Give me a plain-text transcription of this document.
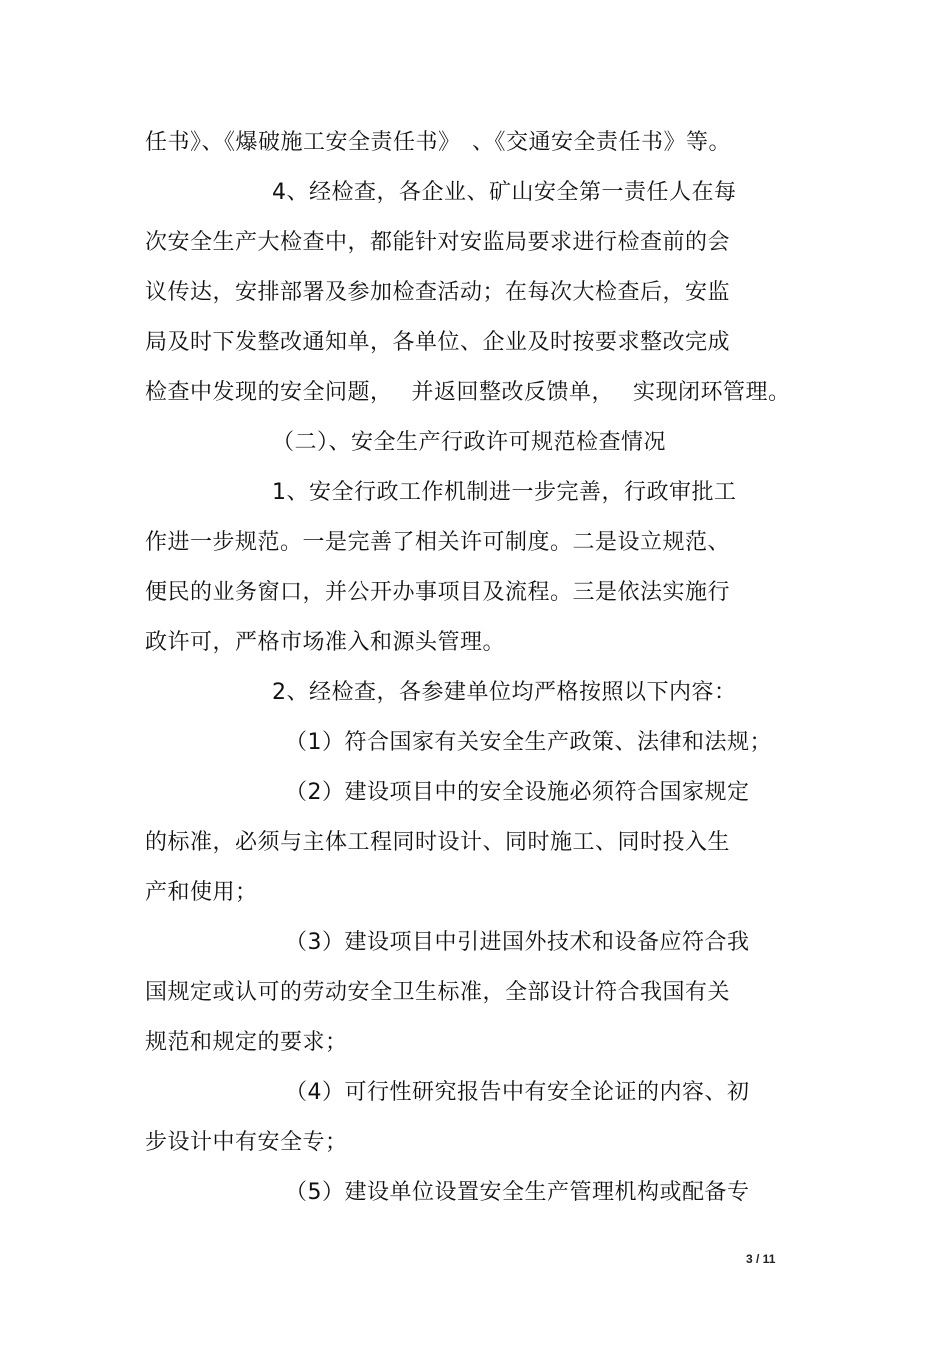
任书》、《爆破施工安全责任书》　、《交通安全责任书》等。
4、经检查，各企业、矿山安全第一责任人在每
次安全生产大检查中，都能针对安监局要求进行检查前的会
议传达，安排部署及参加检查活动；在每次大检查后，安监
局及时下发整改通知单，各单位、企业及时按要求整改完成
检查中发现的安全问题，　 并返回整改反馈单，　 实现闭环管理。
（二）、安全生产行政许可规范检查情况
1、安全行政工作机制进一步完善，行政审批工
作进一步规范。一是完善了相关许可制度。二是设立规范、
便民的业务窗口，并公开办事项目及流程。三是依法实施行
政许可，严格市场准入和源头管理。
2、经检查，各参建单位均严格按照以下内容：
（1）符合国家有关安全生产政策、法律和法规；
（2）建设项目中的安全设施必须符合国家规定
的标准，必须与主体工程同时设计、同时施工、同时投入生
产和使用；
（3）建设项目中引进国外技术和设备应符合我
国规定或认可的劳动安全卫生标准，全部设计符合我国有关
规范和规定的要求；
（4）可行性研究报告中有安全论证的内容、初
步设计中有安全专；
（5）建设单位设置安全生产管理机构或配备专
3 / 11
